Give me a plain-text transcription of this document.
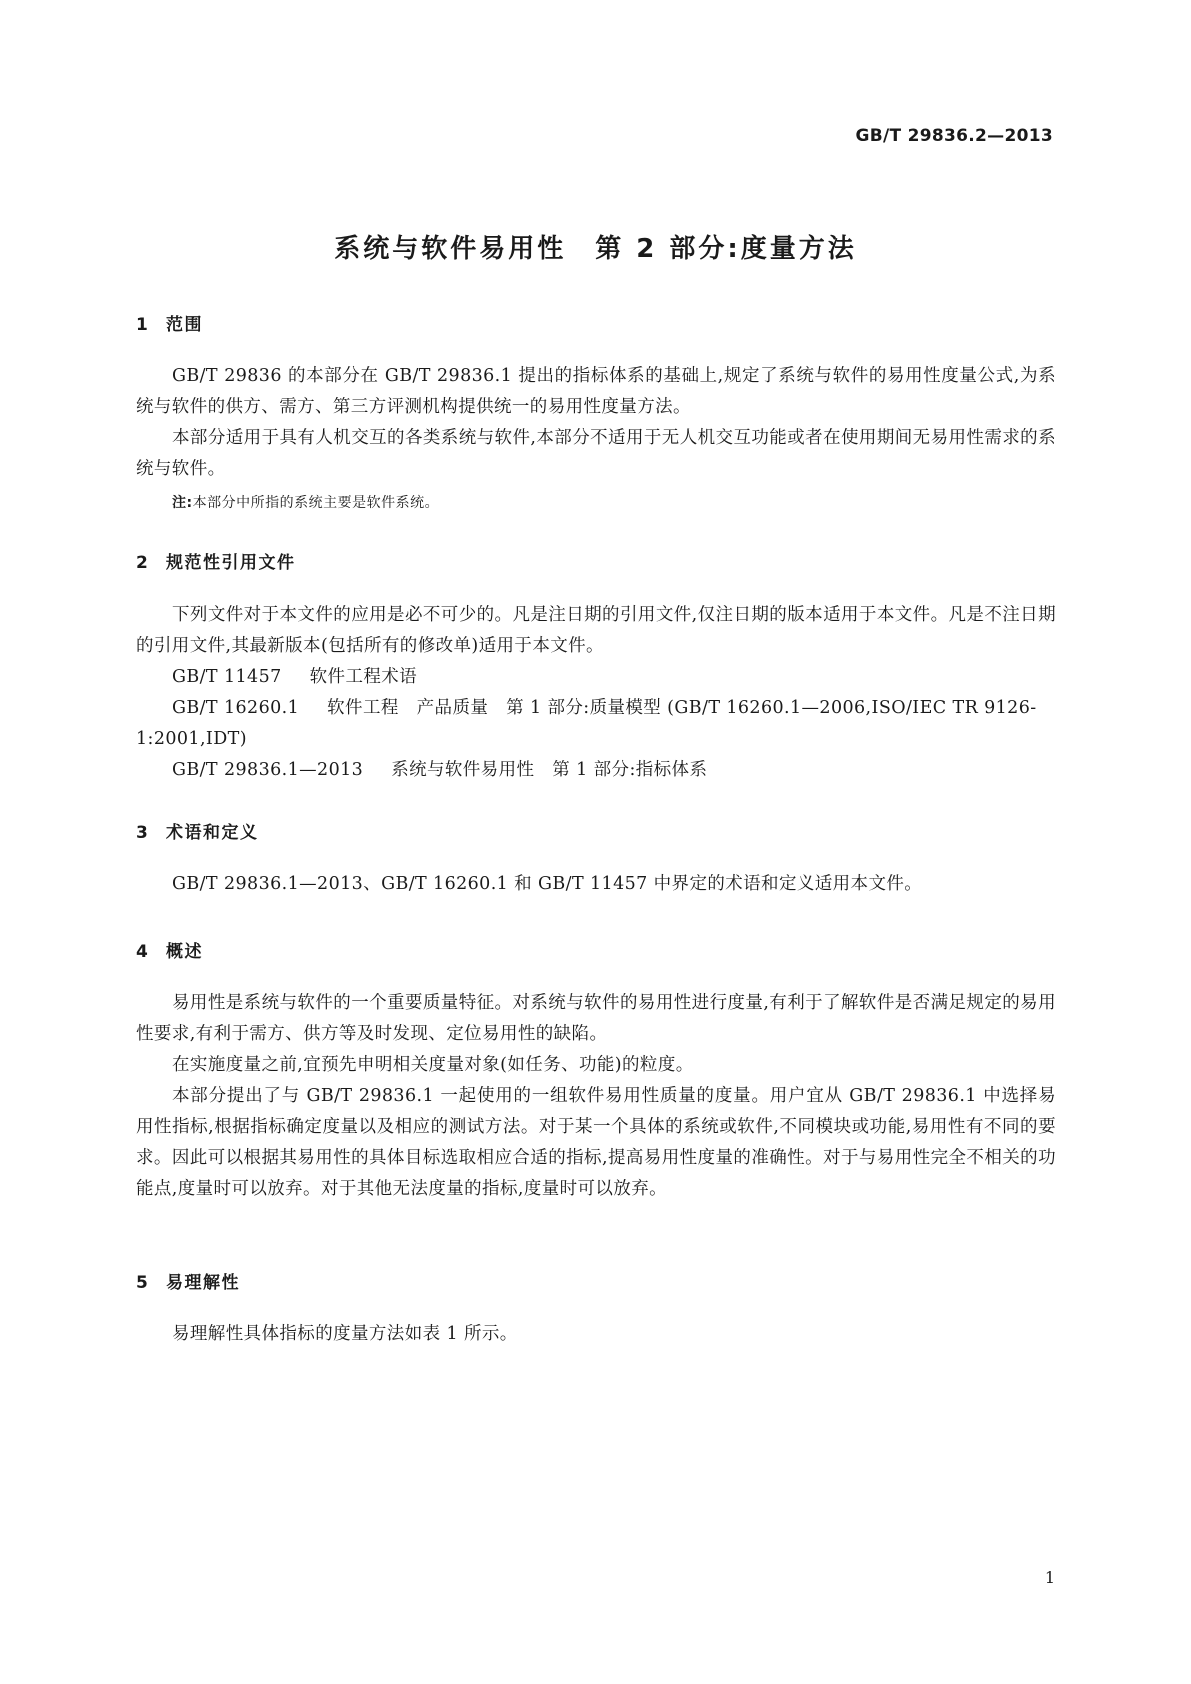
GB/T 29836.2—2013
系统与软件易用性　第 2 部分:度量方法
1 范围
GB/T 29836 的本部分在 GB/T 29836.1 提出的指标体系的基础上,规定了系统与软件的易用性度量公式,为系统与软件的供方、需方、第三方评测机构提供统一的易用性度量方法。
本部分适用于具有人机交互的各类系统与软件,本部分不适用于无人机交互功能或者在使用期间无易用性需求的系统与软件。
注:本部分中所指的系统主要是软件系统。
2 规范性引用文件
下列文件对于本文件的应用是必不可少的。凡是注日期的引用文件,仅注日期的版本适用于本文件。凡是不注日期的引用文件,其最新版本(包括所有的修改单)适用于本文件。
GB/T 11457 软件工程术语
GB/T 16260.1 软件工程　产品质量　第 1 部分:质量模型 (GB/T 16260.1—2006,ISO/IEC TR 9126-1:2001,IDT)
GB/T 29836.1—2013 系统与软件易用性　第 1 部分:指标体系
3 术语和定义
GB/T 29836.1—2013、GB/T 16260.1 和 GB/T 11457 中界定的术语和定义适用本文件。
4 概述
易用性是系统与软件的一个重要质量特征。对系统与软件的易用性进行度量,有利于了解软件是否满足规定的易用性要求,有利于需方、供方等及时发现、定位易用性的缺陷。
在实施度量之前,宜预先申明相关度量对象(如任务、功能)的粒度。
本部分提出了与 GB/T 29836.1 一起使用的一组软件易用性质量的度量。用户宜从 GB/T 29836.1 中选择易用性指标,根据指标确定度量以及相应的测试方法。对于某一个具体的系统或软件,不同模块或功能,易用性有不同的要求。因此可以根据其易用性的具体目标选取相应合适的指标,提高易用性度量的准确性。对于与易用性完全不相关的功能点,度量时可以放弃。对于其他无法度量的指标,度量时可以放弃。
5 易理解性
易理解性具体指标的度量方法如表 1 所示。
1
